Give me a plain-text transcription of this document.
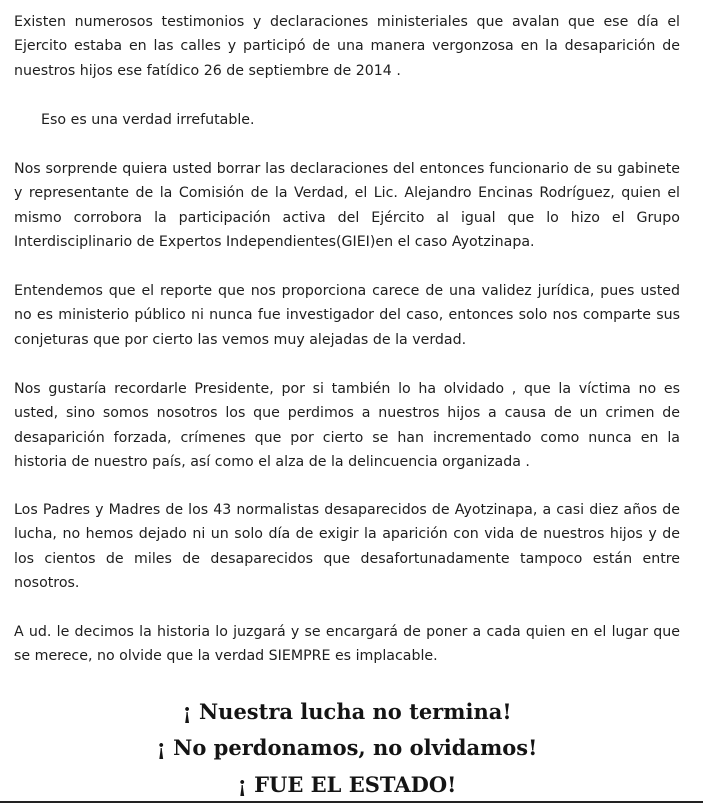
Existen numerosos testimonios y declaraciones ministeriales que avalan que ese día el Ejercito estaba en las calles y participó de una manera vergonzosa en la desaparición de nuestros hijos ese fatídico 26 de septiembre de 2014 .

Eso es una verdad irrefutable.

Nos sorprende quiera usted borrar las declaraciones del entonces funcionario de su gabinete y representante de la Comisión de la Verdad, el Lic. Alejandro Encinas Rodríguez, quien el mismo corrobora la participación activa del Ejército al igual que lo hizo el Grupo Interdisciplinario de Expertos Independientes(GIEI)en el caso Ayotzinapa.

Entendemos que el reporte que nos proporciona carece de una validez jurídica, pues usted no es ministerio público ni nunca fue investigador del caso, entonces solo nos comparte sus conjeturas que por cierto las vemos muy alejadas de la verdad.

Nos gustaría recordarle Presidente, por si también lo ha olvidado , que la víctima no es usted, sino somos nosotros los que perdimos a nuestros hijos a causa de un crimen de desaparición forzada, crímenes que por cierto se han incrementado como nunca en la historia de nuestro país, así como el alza de la delincuencia organizada .

Los Padres y Madres de los 43 normalistas desaparecidos de Ayotzinapa, a casi diez años de lucha, no hemos dejado ni un solo día de exigir la aparición con vida de nuestros hijos y de los cientos de miles de desaparecidos que desafortunadamente tampoco están entre nosotros.

A ud. le decimos la historia lo juzgará y se encargará de poner a cada quien en el lugar que se merece, no olvide que la verdad SIEMPRE es implacable.

¡ Nuestra lucha no termina!

¡ No perdonamos, no olvidamos!

¡ FUE EL ESTADO!
